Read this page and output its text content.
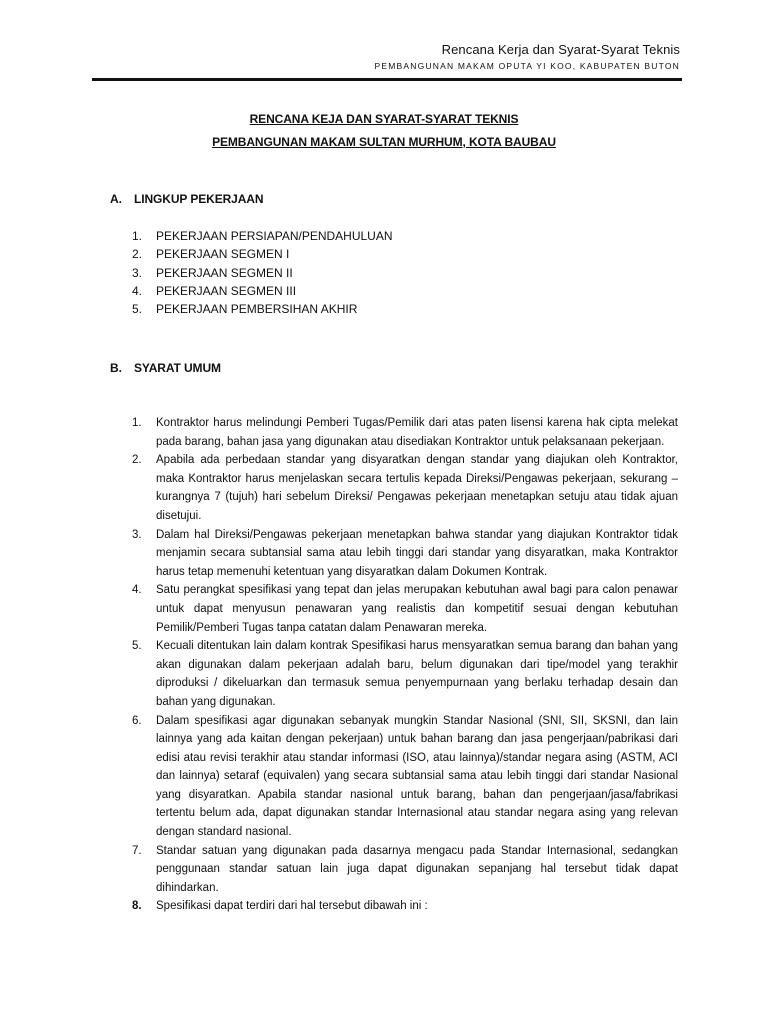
Rencana Kerja dan Syarat-Syarat Teknis
PEMBANGUNAN MAKAM OPUTA YI KOO, KABUPATEN BUTON
RENCANA KEJA DAN SYARAT-SYARAT TEKNIS
PEMBANGUNAN MAKAM SULTAN MURHUM, KOTA BAUBAU
A.	LINGKUP PEKERJAAN
1.	PEKERJAAN PERSIAPAN/PENDAHULUAN
2.	PEKERJAAN SEGMEN I
3.	PEKERJAAN SEGMEN II
4.	PEKERJAAN SEGMEN III
5.	PEKERJAAN PEMBERSIHAN AKHIR
B.	SYARAT UMUM
1.	Kontraktor harus melindungi Pemberi Tugas/Pemilik dari atas paten lisensi karena hak cipta melekat pada barang, bahan jasa yang digunakan atau disediakan Kontraktor untuk pelaksanaan pekerjaan.
2.	Apabila ada perbedaan standar yang disyaratkan dengan standar yang diajukan oleh Kontraktor, maka Kontraktor harus menjelaskan secara tertulis kepada Direksi/Pengawas pekerjaan, sekurang – kurangnya 7 (tujuh) hari sebelum Direksi/ Pengawas pekerjaan menetapkan setuju atau tidak ajuan disetujui.
3.	Dalam hal Direksi/Pengawas pekerjaan menetapkan bahwa standar yang diajukan Kontraktor tidak menjamin secara subtansial sama atau lebih tinggi dari standar yang disyaratkan, maka Kontraktor harus tetap memenuhi ketentuan yang disyaratkan dalam Dokumen Kontrak.
4.	Satu perangkat spesifikasi yang tepat dan jelas merupakan kebutuhan awal bagi para calon penawar untuk dapat menyusun penawaran yang realistis dan kompetitif sesuai dengan kebutuhan Pemilik/Pemberi Tugas tanpa catatan dalam Penawaran mereka.
5.	Kecuali ditentukan lain dalam kontrak Spesifikasi harus mensyaratkan semua barang dan bahan yang akan digunakan dalam pekerjaan adalah baru, belum digunakan dari tipe/model yang terakhir diproduksi / dikeluarkan dan termasuk semua penyempurnaan yang berlaku terhadap desain dan bahan yang digunakan.
6.	Dalam spesifikasi agar digunakan sebanyak mungkin Standar Nasional (SNI, SII, SKSNI, dan lain lainnya yang ada kaitan dengan pekerjaan) untuk bahan barang dan jasa pengerjaan/pabrikasi dari edisi atau revisi terakhir atau standar informasi (ISO, atau lainnya)/standar negara asing (ASTM, ACI dan lainnya) setaraf (equivalen) yang secara subtansial sama atau lebih tinggi dari standar Nasional yang disyaratkan. Apabila standar nasional untuk barang, bahan dan pengerjaan/jasa/fabrikasi tertentu belum ada, dapat digunakan standar Internasional atau standar negara asing yang relevan dengan standard nasional.
7.	Standar satuan yang digunakan pada dasarnya mengacu pada Standar Internasional, sedangkan penggunaan standar satuan lain juga dapat digunakan sepanjang hal tersebut tidak dapat dihindarkan.
8.	Spesifikasi dapat terdiri dari hal tersebut dibawah ini :
